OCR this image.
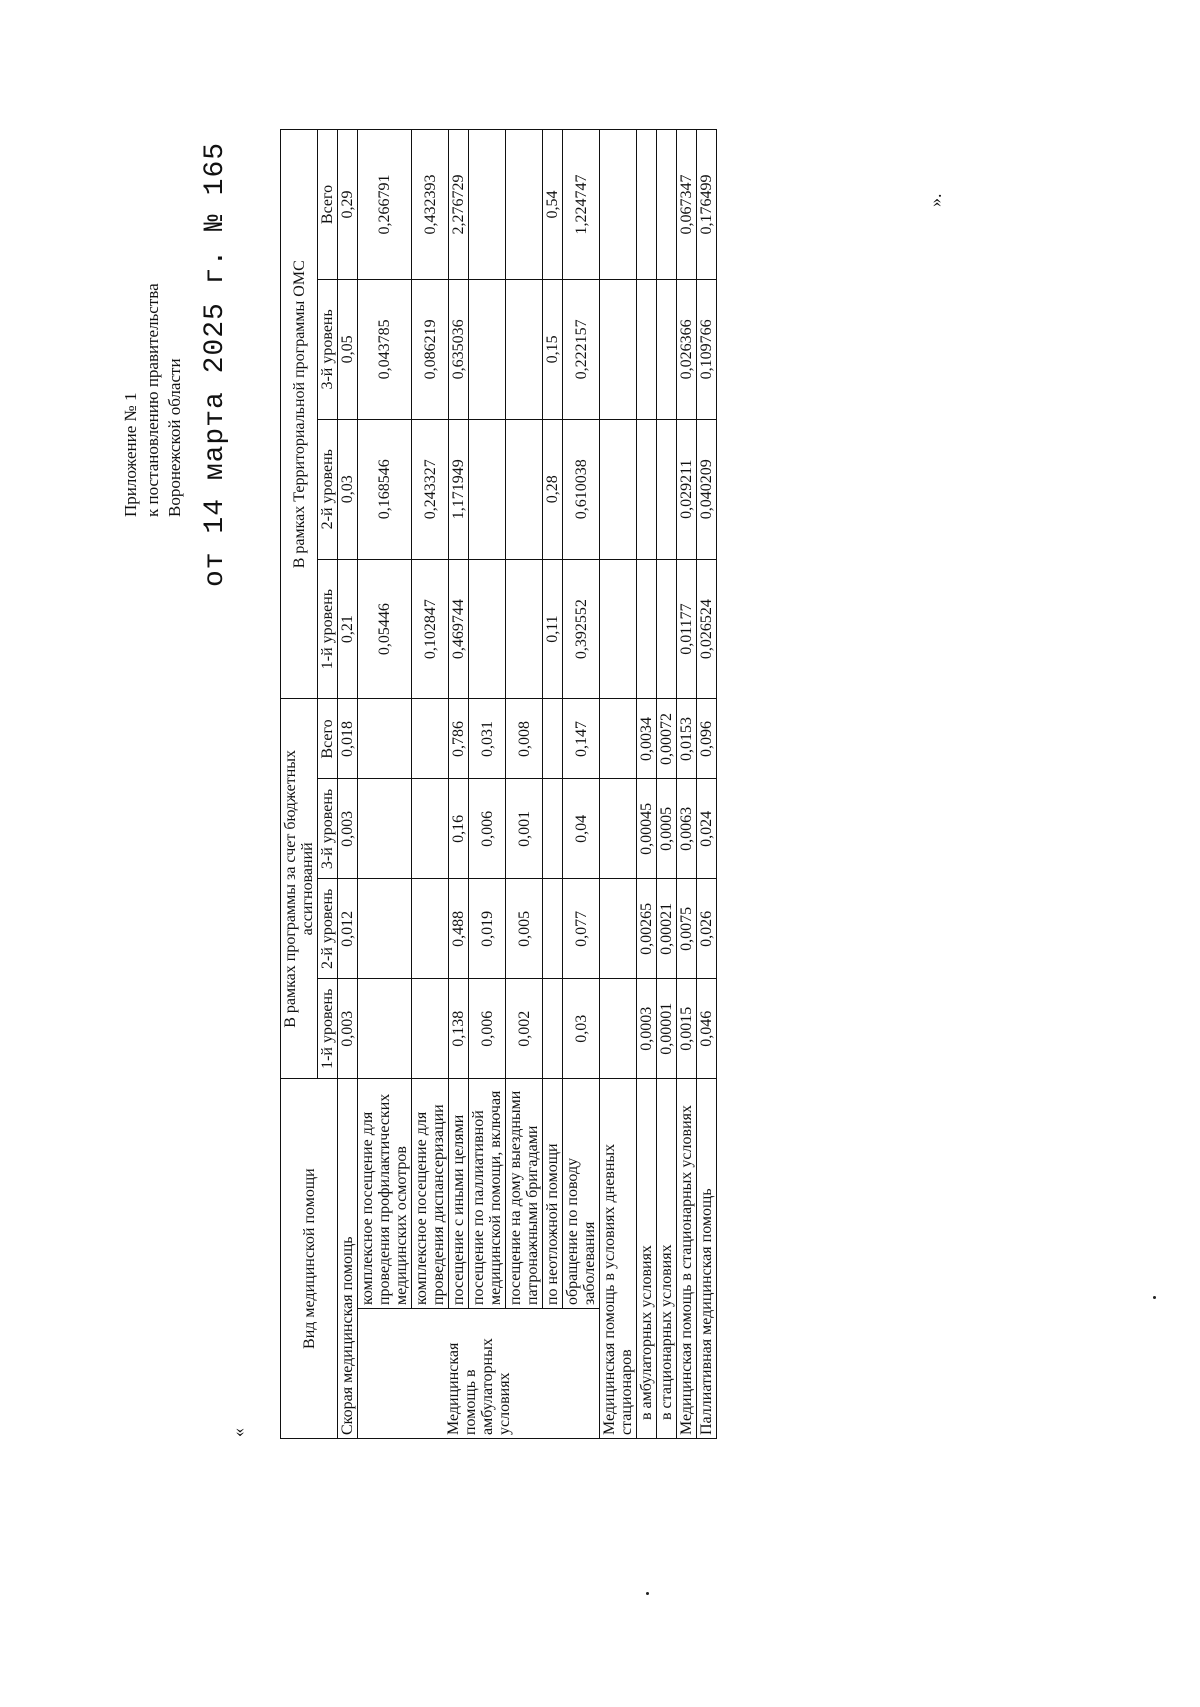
Приложение № 1 к постановлению правительства Воронежской области от 14 марта 2025 г. № 165
«
».
Вид медицинской помощи		В рамках программы за счет бюджетных ассигнований				В рамках Территориальной программы ОМС			
		1-й уровень	2-й уровень	3-й уровень	Всего	1-й уровень	2-й уровень	3-й уровень	Всего
Скорая медицинская помощь		0,003	0,012	0,003	0,018	0,21	0,03	0,05	0,29
Медицинская помощь в амбулаторных условиях	комплексное посещение для проведения профилактических медицинских осмотров					0,05446	0,168546	0,043785	0,266791
	комплексное посещение для проведения диспансеризации					0,102847	0,243327	0,086219	0,432393
	посещение с иными целями	0,138	0,488	0,16	0,786	0,469744	1,171949	0,635036	2,276729
	посещение по паллиативной медицинской помощи, включая	0,006	0,019	0,006	0,031				
	посещение на дому выездными патронажными бригадами	0,002	0,005	0,001	0,008				
	по неотложной помощи					0,11	0,28	0,15	0,54
	обращение по поводу заболевания	0,03	0,077	0,04	0,147	0,392552	0,610038	0,222157	1,224747
Медицинская помощь в условиях дневных стационаров									
в амбулаторных условиях		0,0003	0,00265	0,00045	0,0034				
в стационарных условиях		0,00001	0,00021	0,0005	0,00072				
Медицинская помощь в стационарных условиях		0,0015	0,0075	0,0063	0,0153	0,01177	0,029211	0,026366	0,067347
Паллиативная медицинская помощь		0,046	0,026	0,024	0,096	0,026524	0,040209	0,109766	0,176499
